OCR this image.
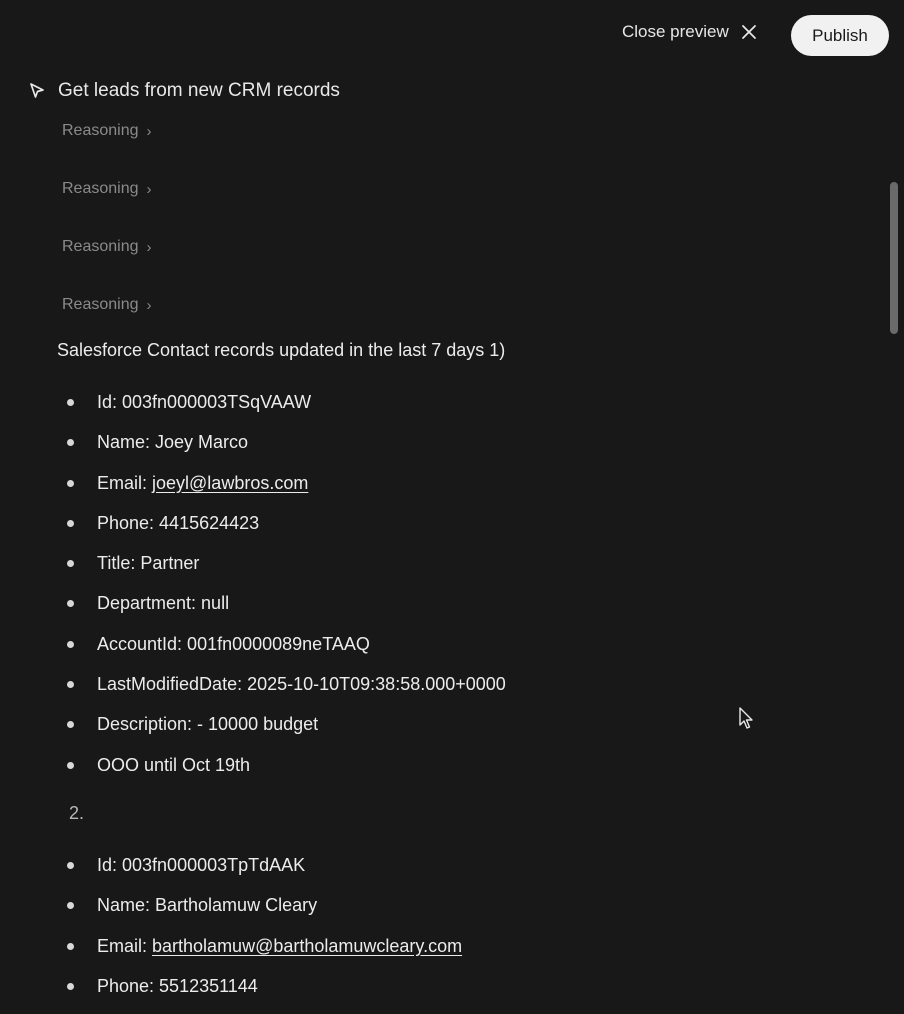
Close preview	Publish
Get leads from new CRM records
Reasoning ›
Reasoning ›
Reasoning ›
Reasoning ›
Salesforce Contact records updated in the last 7 days 1)
Id: 003fn000003TSqVAAW
Name: Joey Marco
Email: joeyl@lawbros.com
Phone: 4415624423
Title: Partner
Department: null
AccountId: 001fn0000089neTAAQ
LastModifiedDate: 2025-10-10T09:38:58.000+0000
Description: - 10000 budget
OOO until Oct 19th
2.
Id: 003fn000003TpTdAAK
Name: Bartholamuw Cleary
Email: bartholamuw@bartholamuwcleary.com
Phone: 5512351144
